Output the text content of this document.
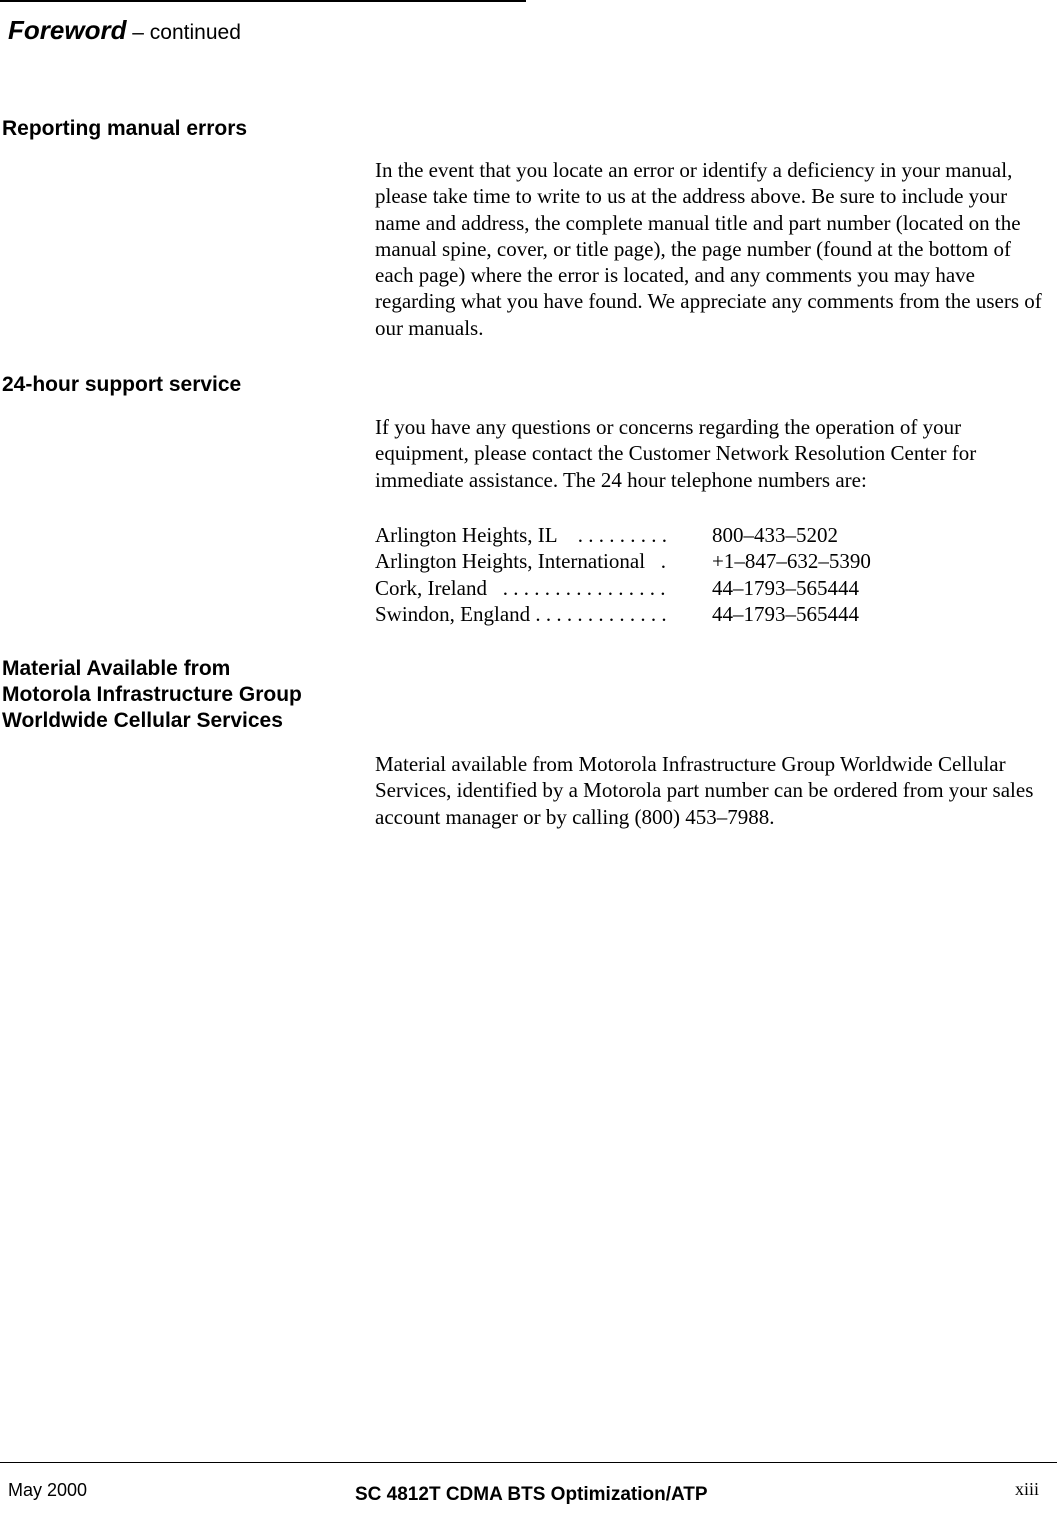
Foreword – continued
Reporting manual errors
In the event that you locate an error or identify a deficiency in your manual, please take time to write to us at the address above. Be sure to include your name and address, the complete manual title and part number (located on the manual spine, cover, or title page), the page number (found at the bottom of each page) where the error is located, and any comments you may have regarding what you have found. We appreciate any comments from the users of our manuals.
24-hour support service
If you have any questions or concerns regarding the operation of your equipment, please contact the Customer Network Resolution Center for immediate assistance. The 24 hour telephone numbers are:
Arlington Heights, IL    . . . . . . . . .	800–433–5202
Arlington Heights, International   .	+1–847–632–5390
Cork, Ireland   . . . . . . . . . . . . . . . .	44–1793–565444
Swindon, England . . . . . . . . . . . . .	44–1793–565444
Material Available from
Motorola Infrastructure Group
Worldwide Cellular Services
Material available from Motorola Infrastructure Group Worldwide Cellular Services, identified by a Motorola part number can be ordered from your sales account manager or by calling (800) 453–7988.
May 2000	SC 4812T CDMA BTS Optimization/ATP	xiii
